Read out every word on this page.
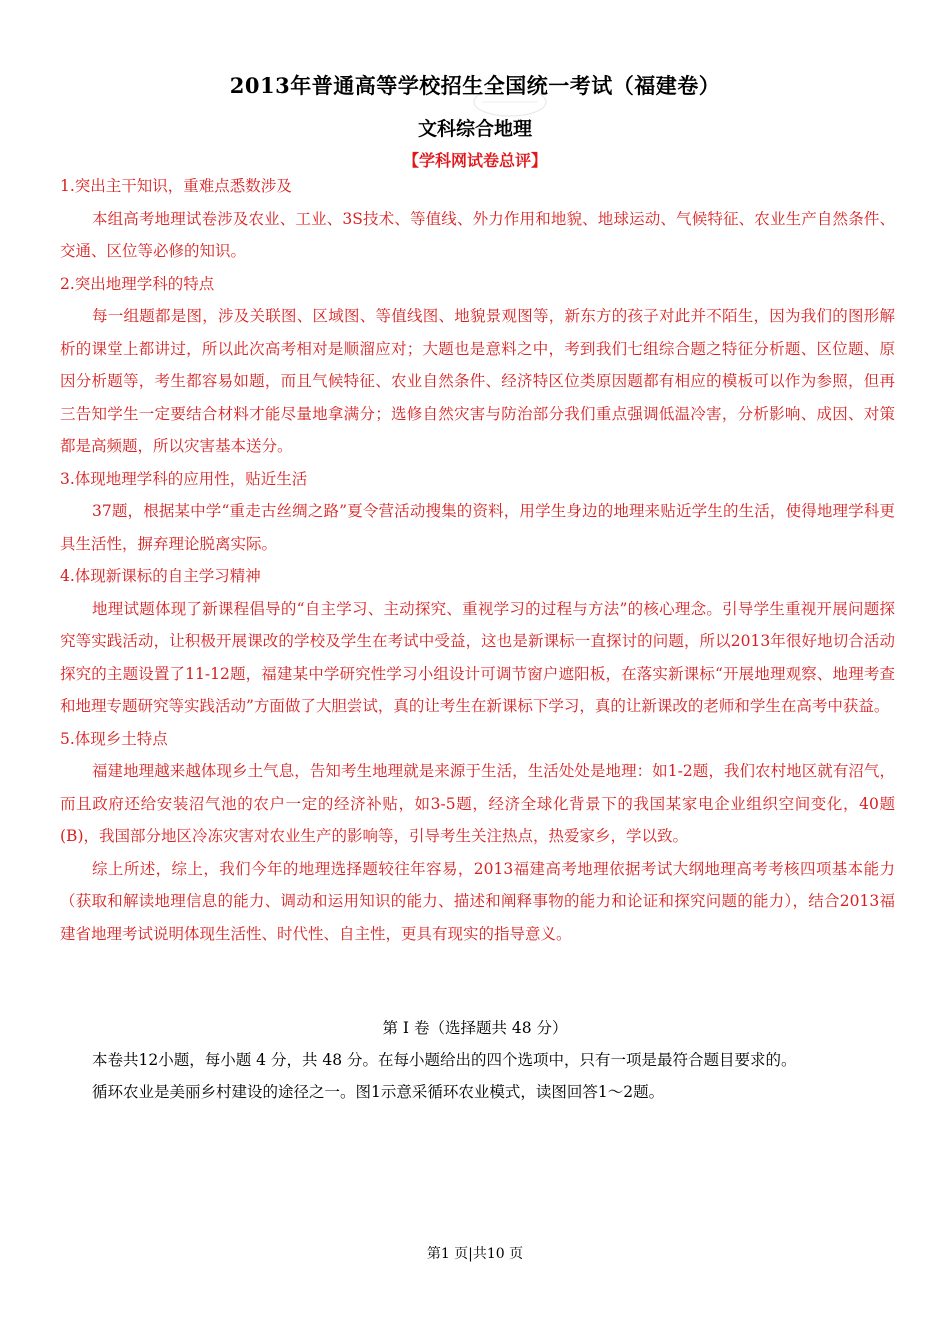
2013年普通高等学校招生全国统一考试（福建卷）
文科综合地理
【学科网试卷总评】
1.突出主干知识，重难点悉数涉及

本组高考地理试卷涉及农业、工业、3S技术、等值线、外力作用和地貌、地球运动、气候特征、农业生产自然条件、交通、区位等必修的知识。

2.突出地理学科的特点

每一组题都是图，涉及关联图、区域图、等值线图、地貌景观图等，新东方的孩子对此并不陌生，因为我们的图形解析的课堂上都讲过，所以此次高考相对是顺溜应对；大题也是意料之中，考到我们七组综合题之特征分析题、区位题、原因分析题等，考生都容易如题，而且气候特征、农业自然条件、经济特区位类原因题都有相应的模板可以作为参照，但再三告知学生一定要结合材料才能尽量地拿满分；选修自然灾害与防治部分我们重点强调低温冷害，分析影响、成因、对策都是高频题，所以灾害基本送分。

3.体现地理学科的应用性，贴近生活

37题，根据某中学“重走古丝绸之路”夏令营活动搜集的资料，用学生身边的地理来贴近学生的生活，使得地理学科更具生活性，摒弃理论脱离实际。

4.体现新课标的自主学习精神

地理试题体现了新课程倡导的“自主学习、主动探究、重视学习的过程与方法”的核心理念。引导学生重视开展问题探究等实践活动，让积极开展课改的学校及学生在考试中受益，这也是新课标一直探讨的问题，所以2013年很好地切合活动探究的主题设置了11-12题，福建某中学研究性学习小组设计可调节窗户遮阳板，在落实新课标“开展地理观察、地理考查和地理专题研究等实践活动”方面做了大胆尝试，真的让考生在新课标下学习，真的让新课改的老师和学生在高考中获益。

5.体现乡土特点

福建地理越来越体现乡土气息，告知考生地理就是来源于生活，生活处处是地理：如1-2题，我们农村地区就有沼气，而且政府还给安装沼气池的农户一定的经济补贴，如3-5题，经济全球化背景下的我国某家电企业组织空间变化，40题(B)，我国部分地区冷冻灾害对农业生产的影响等，引导考生关注热点，热爱家乡，学以致。

综上所述，综上，我们今年的地理选择题较往年容易，2013福建高考地理依据考试大纲地理高考考核四项基本能力（获取和解读地理信息的能力、调动和运用知识的能力、描述和阐释事物的能力和论证和探究问题的能力），结合2013福建省地理考试说明体现生活性、时代性、自主性，更具有现实的指导意义。

第 Ⅰ 卷（选择题共 48 分）

本卷共12小题，每小题 4 分，共 48 分。在每小题给出的四个选项中，只有一项是最符合题目要求的。

循环农业是美丽乡村建设的途径之一。图1示意采循环农业模式，读图回答1～2题。

第1 页|共10 页
